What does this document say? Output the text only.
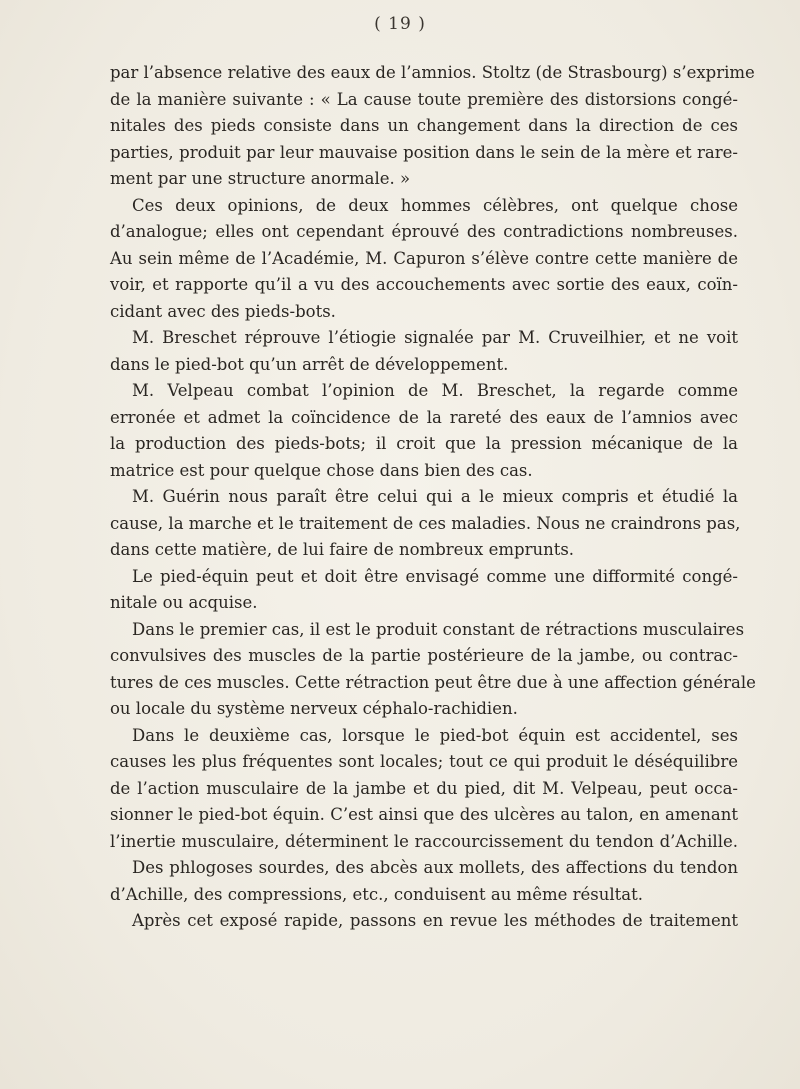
( 19 )
par l’absence relative des eaux de l’amnios. Stoltz (de Strasbourg) s’exprime
de la manière suivante : « La cause toute première des distorsions congé-
nitales des pieds consiste dans un changement dans la direction de ces
parties, produit par leur mauvaise position dans le sein de la mère et rare-
ment par une structure anormale. »
Ces deux opinions, de deux hommes célèbres, ont quelque chose
d’analogue; elles ont cependant éprouvé des contradictions nombreuses.
Au sein même de l’Académie, M. Capuron s’élève contre cette manière de
voir, et rapporte qu’il a vu des accouchements avec sortie des eaux, coïn-
cidant avec des pieds-bots.
M. Breschet réprouve l’étiogie signalée par M. Cruveilhier, et ne voit
dans le pied-bot qu’un arrêt de développement.
M. Velpeau combat l’opinion de M. Breschet, la regarde comme
erronée et admet la coïncidence de la rareté des eaux de l’amnios avec
la production des pieds-bots; il croit que la pression mécanique de la
matrice est pour quelque chose dans bien des cas.
M. Guérin nous paraît être celui qui a le mieux compris et étudié la
cause, la marche et le traitement de ces maladies. Nous ne craindrons pas,
dans cette matière, de lui faire de nombreux emprunts.
Le pied-équin peut et doit être envisagé comme une difformité congé-
nitale ou acquise.
Dans le premier cas, il est le produit constant de rétractions musculaires
convulsives des muscles de la partie postérieure de la jambe, ou contrac-
tures de ces muscles. Cette rétraction peut être due à une affection générale
ou locale du système nerveux céphalo-rachidien.
Dans le deuxième cas, lorsque le pied-bot équin est accidentel, ses
causes les plus fréquentes sont locales; tout ce qui produit le déséquilibre
de l’action musculaire de la jambe et du pied, dit M. Velpeau, peut occa-
sionner le pied-bot équin. C’est ainsi que des ulcères au talon, en amenant
l’inertie musculaire, déterminent le raccourcissement du tendon d’Achille.
Des phlogoses sourdes, des abcès aux mollets, des affections du tendon
d’Achille, des compressions, etc., conduisent au même résultat.
Après cet exposé rapide, passons en revue les méthodes de traitement
